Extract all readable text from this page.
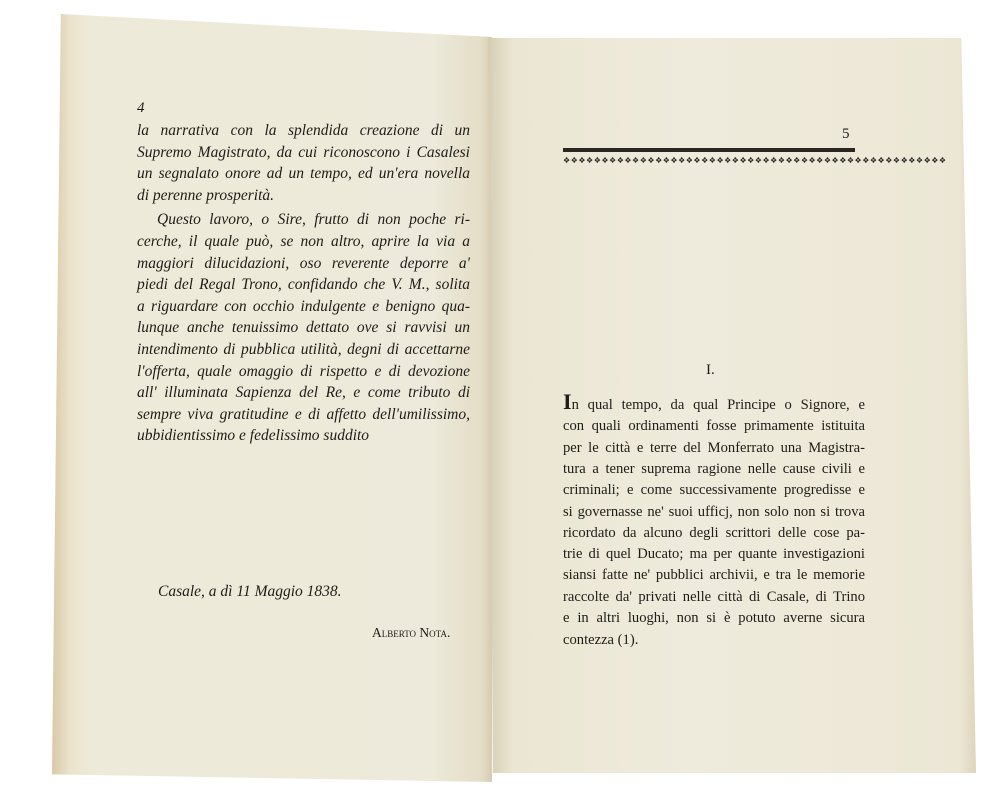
4
la narrativa con la splendida creazione di un
Supremo Magistrato, da cui riconoscono i Casalesi
un segnalato onore ad un tempo, ed un'era novella
di perenne prosperità.
Questo lavoro, o Sire, frutto di non poche ri-
cerche, il quale può, se non altro, aprire la via a
maggiori dilucidazioni, oso reverente deporre a'
piedi del Regal Trono, confidando che V. M., solita
a riguardare con occhio indulgente e benigno qua-
lunque anche tenuissimo dettato ove si ravvisi un
intendimento di pubblica utilità, degni di accettarne
l'offerta, quale omaggio di rispetto e di devozione
all' illuminata Sapienza del Re, e come tributo di
sempre viva gratitudine e di affetto dell'umilissimo,
ubbidientissimo e fedelissimo suddito
Casale, a dì 11 Maggio 1838.
Alberto Nota.
5
❖❖❖❖❖❖❖❖❖❖❖❖❖❖❖❖❖❖❖❖❖❖❖❖❖❖❖❖❖❖❖❖❖❖❖❖❖❖❖❖❖❖❖❖❖❖❖❖❖❖
I.
In qual tempo, da qual Principe o Signore, e
con quali ordinamenti fosse primamente istituita
per le città e terre del Monferrato una Magistra-
tura a tener suprema ragione nelle cause civili e
criminali; e come successivamente progredisse e
si governasse ne' suoi ufficj, non solo non si trova
ricordato da alcuno degli scrittori delle cose pa-
trie di quel Ducato; ma per quante investigazioni
siansi fatte ne' pubblici archivii, e tra le memorie
raccolte da' privati nelle città di Casale, di Trino
e in altri luoghi, non si è potuto averne sicura
contezza (1).
